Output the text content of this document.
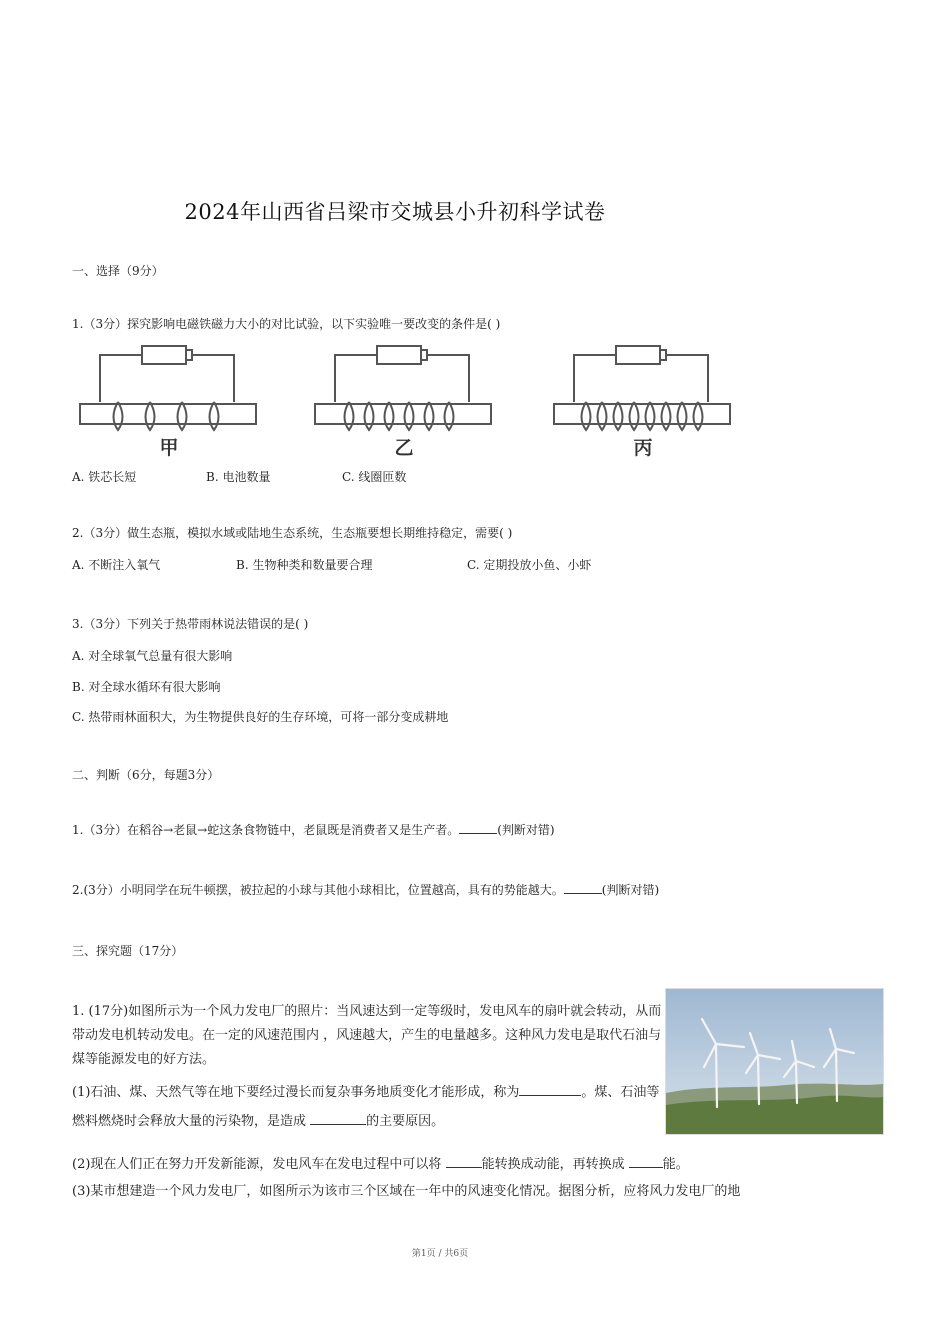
2024年山西省吕梁市交城县小升初科学试卷
一、选择（9分）
1.（3分）探究影响电磁铁磁力大小的对比试验，以下实验唯一要改变的条件是( )
甲	乙	丙
A. 铁芯长短	B. 电池数量	C. 线圈匝数
2.（3分）做生态瓶，模拟水域或陆地生态系统，生态瓶要想长期维持稳定，需要( )
A. 不断注入氧气	B. 生物种类和数量要合理	C. 定期投放小鱼、小虾
3.（3分）下列关于热带雨林说法错误的是( )
A. 对全球氧气总量有很大影响
B. 对全球水循环有很大影响
C. 热带雨林面积大，为生物提供良好的生存环境，可将一部分变成耕地
二、判断（6分，每题3分）
1.（3分）在稻谷→老鼠→蛇这条食物链中，老鼠既是消费者又是生产者。	(判断对错)
2.(3分）小明同学在玩牛顿摆，被拉起的小球与其他小球相比，位置越高，具有的势能越大。	(判断对错)
三、探究题（17分）
1. (17分)如图所示为一个风力发电厂的照片：当风速达到一定等级时，发电风车的扇叶就会转动，从而
带动发电机转动发电。在一定的风速范围内 ，风速越大，产生的电量越多。这种风力发电是取代石油与
煤等能源发电的好方法。
(1)石油、煤、天然气等在地下要经过漫长而复杂事务地质变化才能形成，称为	。煤、石油等
燃料燃烧时会释放大量的污染物，是造成	的主要原因。
(2)现在人们正在努力开发新能源，发电风车在发电过程中可以将	能转换成动能，再转换成	能。
(3)某市想建造一个风力发电厂，如图所示为该市三个区域在一年中的风速变化情况。据图分析，应将风力发电厂的地
第1页 / 共6页
